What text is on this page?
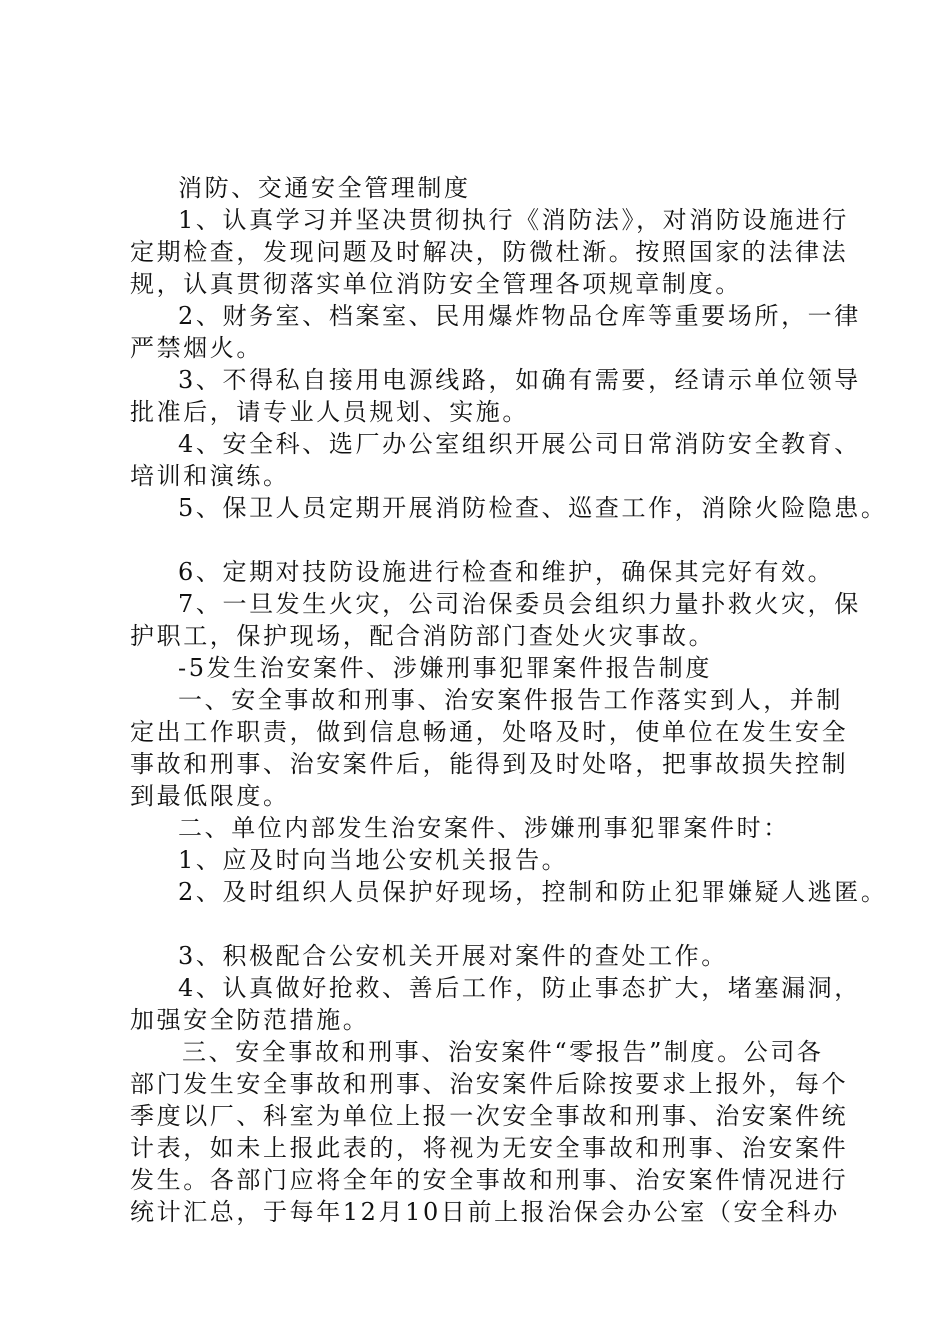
消防、交通安全管理制度
1、认真学习并坚决贯彻执行《消防法》，对消防设施进行
定期检查，发现问题及时解决，防微杜渐。按照国家的法律法
规，认真贯彻落实单位消防安全管理各项规章制度。
2、财务室、档案室、民用爆炸物品仓库等重要场所，一律
严禁烟火。
3、不得私自接用电源线路，如确有需要，经请示单位领导
批准后，请专业人员规划、实施。
4、安全科、选厂办公室组织开展公司日常消防安全教育、
培训和演练。
5、保卫人员定期开展消防检查、巡查工作，消除火险隐患。
6、定期对技防设施进行检查和维护，确保其完好有效。
7、一旦发生火灾，公司治保委员会组织力量扑救火灾，保
护职工，保护现场，配合消防部门查处火灾事故。
-5发生治安案件、涉嫌刑事犯罪案件报告制度
一、安全事故和刑事、治安案件报告工作落实到人，并制
定出工作职责，做到信息畅通，处咯及时，使单位在发生安全
事故和刑事、治安案件后，能得到及时处咯，把事故损失控制
到最低限度。
二、单位内部发生治安案件、涉嫌刑事犯罪案件时：
1、应及时向当地公安机关报告。
2、及时组织人员保护好现场，控制和防止犯罪嫌疑人逃匿。
3、积极配合公安机关开展对案件的查处工作。
4、认真做好抢救、善后工作，防止事态扩大，堵塞漏洞，
加强安全防范措施。
三、安全事故和刑事、治安案件“零报告”制度。公司各
部门发生安全事故和刑事、治安案件后除按要求上报外，每个
季度以厂、科室为单位上报一次安全事故和刑事、治安案件统
计表，如未上报此表的，将视为无安全事故和刑事、治安案件
发生。各部门应将全年的安全事故和刑事、治安案件情况进行
统计汇总，于每年12月10日前上报治保会办公室（安全科办
